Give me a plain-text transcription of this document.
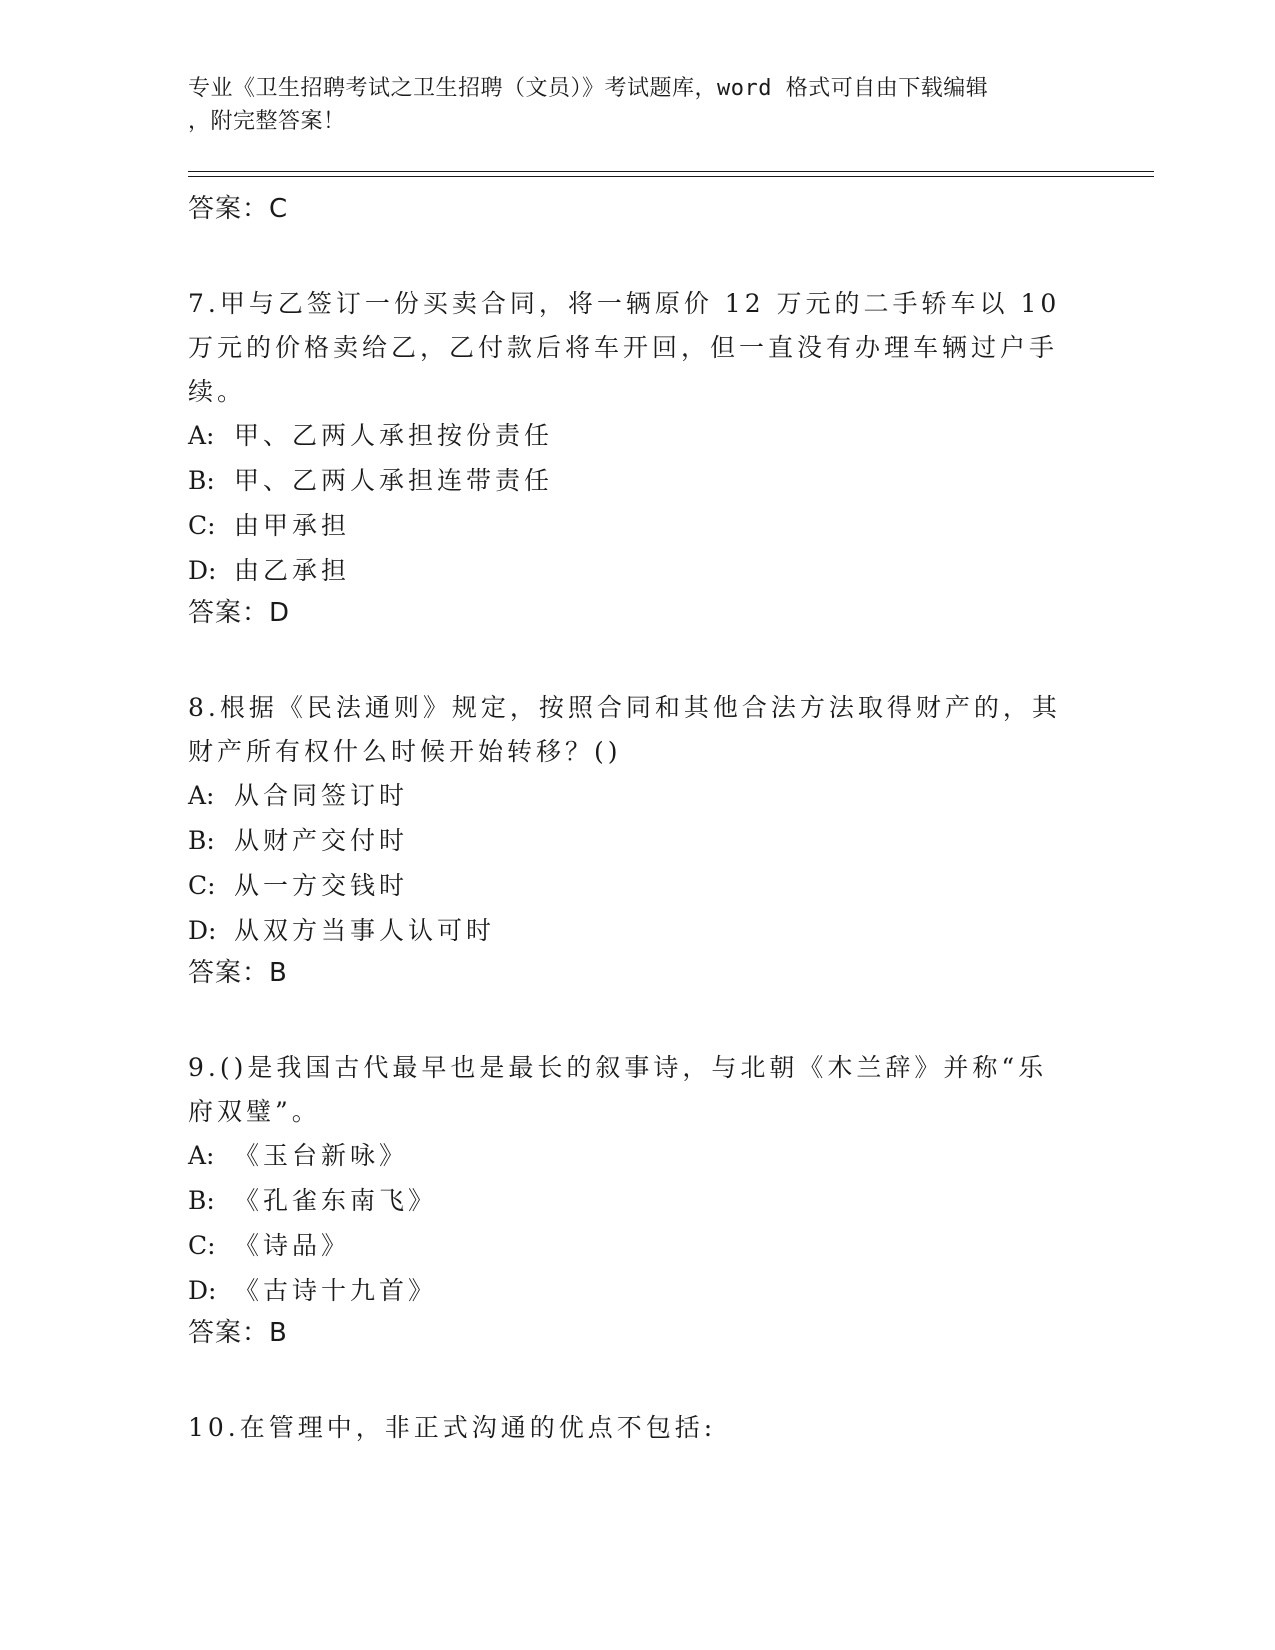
专业《卫生招聘考试之卫生招聘（文员）》考试题库，word 格式可自由下载编辑
，附完整答案！
答案：C
7.甲与乙签订一份买卖合同，将一辆原价 12 万元的二手轿车以 10 万元的价格卖给乙，乙付款后将车开回，但一直没有办理车辆过户手续。
A: 甲、乙两人承担按份责任
B: 甲、乙两人承担连带责任
C: 由甲承担
D: 由乙承担
答案：D
8.根据《民法通则》规定，按照合同和其他合法方法取得财产的，其财产所有权什么时候开始转移？()
A: 从合同签订时
B: 从财产交付时
C: 从一方交钱时
D: 从双方当事人认可时
答案：B
9.()是我国古代最早也是最长的叙事诗，与北朝《木兰辞》并称“乐府双璧”。
A: 《玉台新咏》
B: 《孔雀东南飞》
C: 《诗品》
D: 《古诗十九首》
答案：B
10.在管理中，非正式沟通的优点不包括:
